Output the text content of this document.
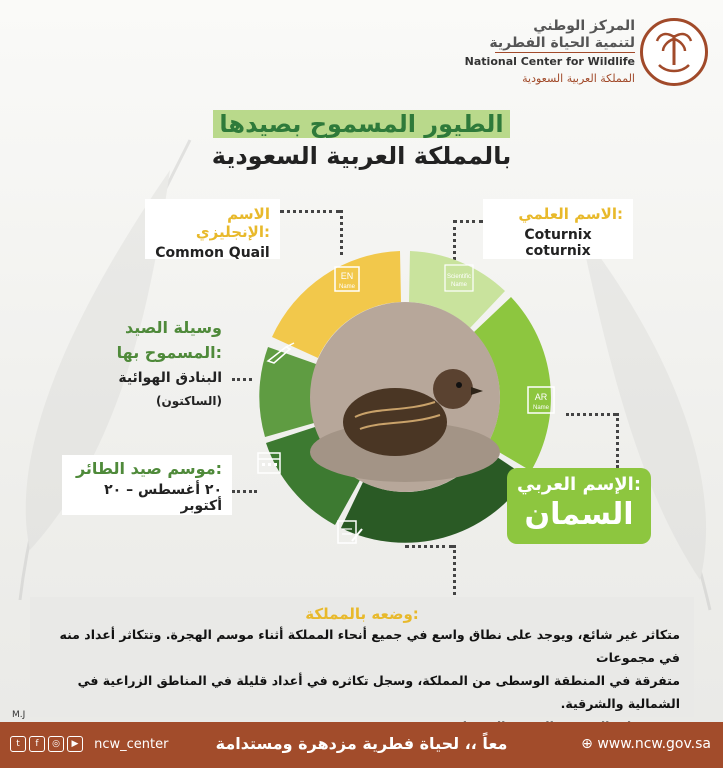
المركز الوطني
لتنمية الحياة الفطرية
National Center for Wildlife
المملكة العربية السعودية
الطيور المسموح بصيدها
بالمملكة العربية السعودية
الاسم الإنجليزي:
Common Quail
الاسم العلمي:
Coturnix coturnix
وسيلة الصيد
المسموح بها:
البنادق الهوائية
(الساكتون)
موسم صيد الطائر:
٢٠ أغسطس – ٢٠ أكتوبر
EN
Name
Scientific
Name
AR
Name
الإسم العربي:
السمان
وضعه بالمملكة:
متكاثر غير شائع، ويوجد على نطاق واسع في جميع أنحاء المملكة أثناء موسم الهجرة. وتتكاثر أعداد منه في مجموعات
متفرقة في المنطقة الوسطى من المملكة، وسجل تكاثره في أعداد قليلة في المناطق الزراعية في الشمالية والشرقية.
M.J
t f ◎ ▶ ncw_center	معاً ،، لحياة فطرية مزدهرة ومستدامة	⊕ www.ncw.gov.sa
